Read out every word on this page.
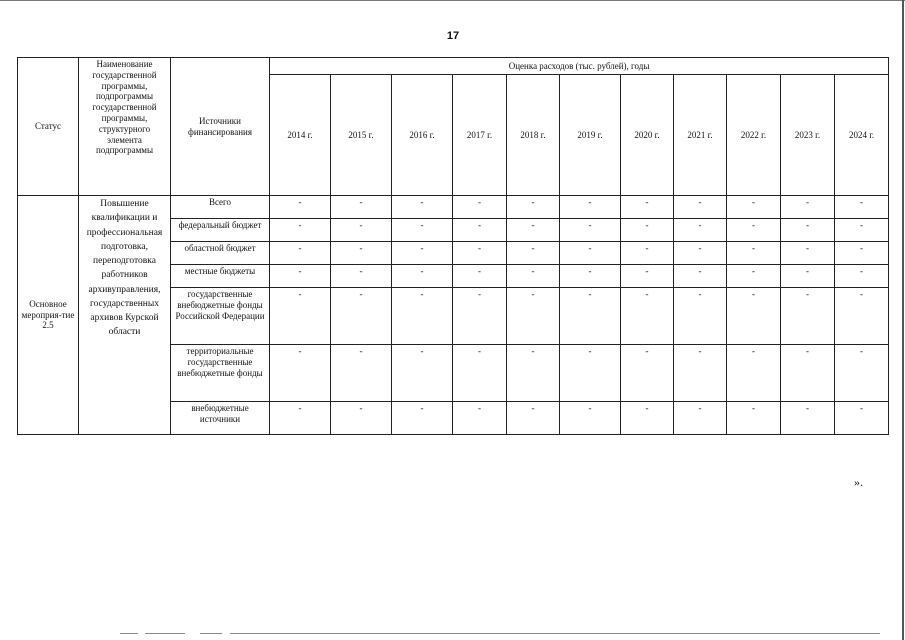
17
Статус	Наименование государственной программы, подпрограммы государственной программы, структурного элемента подпрограммы	Источники финансирования	Оценка расходов (тыс. рублей), годы										
			2014 г.	2015 г.	2016 г.	2017 г.	2018 г.	2019 г.	2020 г.	2021 г.	2022 г.	2023 г.	2024 г.
Основное мероприя-тие 2.5	Повышение квалификации и профессиональная подготовка, переподготовка работников архивуправления, государственных архивов Курской области	Всего	-	-	-	-	-	-	-	-	-	-	-
		федеральный бюджет	-	-	-	-	-	-	-	-	-	-	-
		областной бюджет	-	-	-	-	-	-	-	-	-	-	-
		местные бюджеты	-	-	-	-	-	-	-	-	-	-	-
		государственные внебюджетные фонды Российской Федерации	-	-	-	-	-	-	-	-	-	-	-
		территориальные государственные внебюджетные фонды	-	-	-	-	-	-	-	-	-	-	-
		внебюджетные источники	-	-	-	-	-	-	-	-	-	-	-
».
